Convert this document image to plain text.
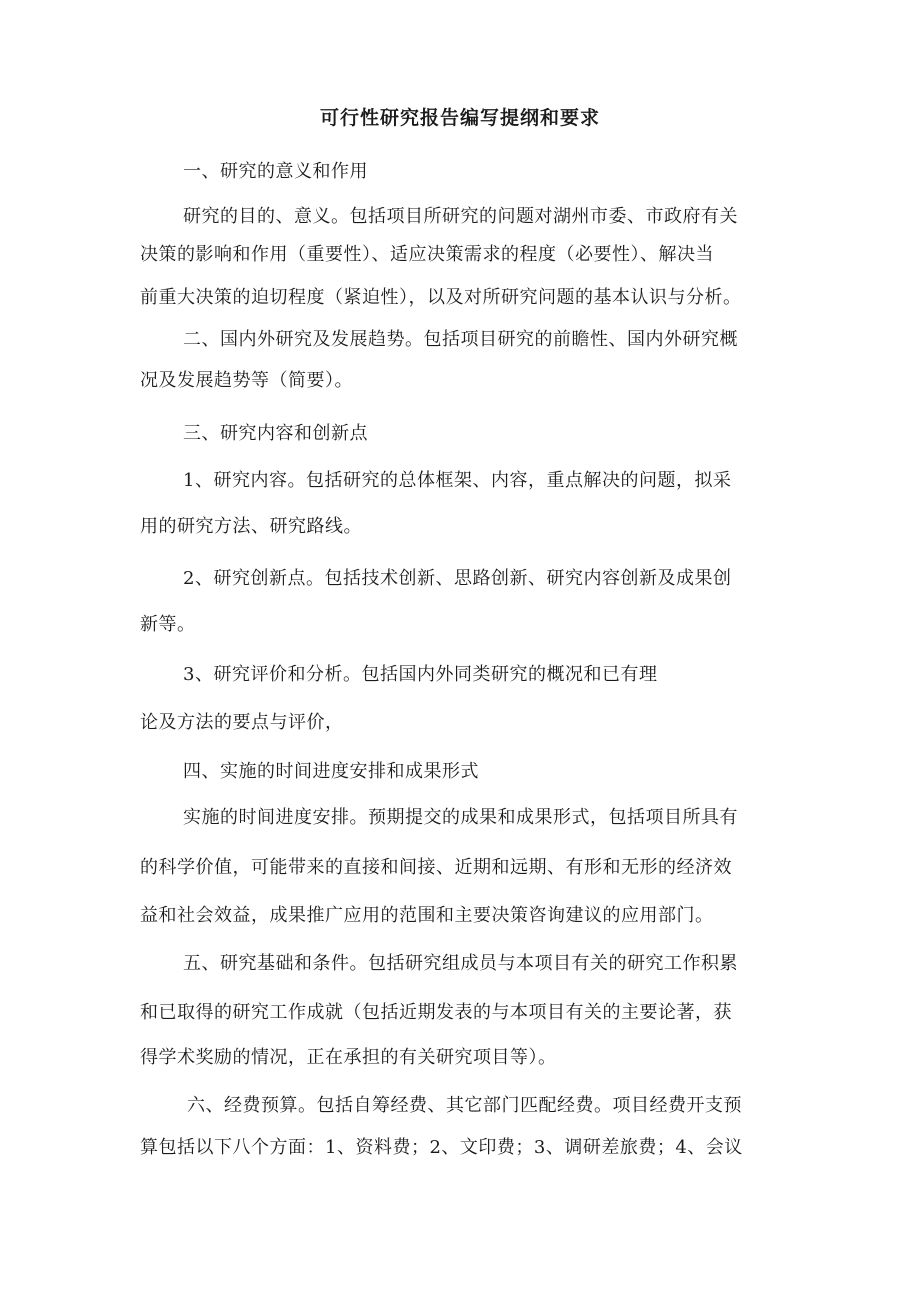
可行性研究报告编写提纲和要求
一、研究的意义和作用
研究的目的、意义。包括项目所研究的问题对湖州市委、市政府有关
决策的影响和作用（重要性）、适应决策需求的程度（必要性）、解决当
前重大决策的迫切程度（紧迫性），以及对所研究问题的基本认识与分析。
二、国内外研究及发展趋势。包括项目研究的前瞻性、国内外研究概
况及发展趋势等（简要）。
三、研究内容和创新点
1、研究内容。包括研究的总体框架、内容，重点解决的问题，拟采
用的研究方法、研究路线。
2、研究创新点。包括技术创新、思路创新、研究内容创新及成果创
新等。
3、研究评价和分析。包括国内外同类研究的概况和已有理
论及方法的要点与评价，
四、实施的时间进度安排和成果形式
实施的时间进度安排。预期提交的成果和成果形式，包括项目所具有
的科学价值，可能带来的直接和间接、近期和远期、有形和无形的经济效
益和社会效益，成果推广应用的范围和主要决策咨询建议的应用部门。
五、研究基础和条件。包括研究组成员与本项目有关的研究工作积累
和已取得的研究工作成就（包括近期发表的与本项目有关的主要论著，获
得学术奖励的情况，正在承担的有关研究项目等）。
六、经费预算。包括自筹经费、其它部门匹配经费。项目经费开支预
算包括以下八个方面：1、资料费；2、文印费；3、调研差旅费；4、会议
